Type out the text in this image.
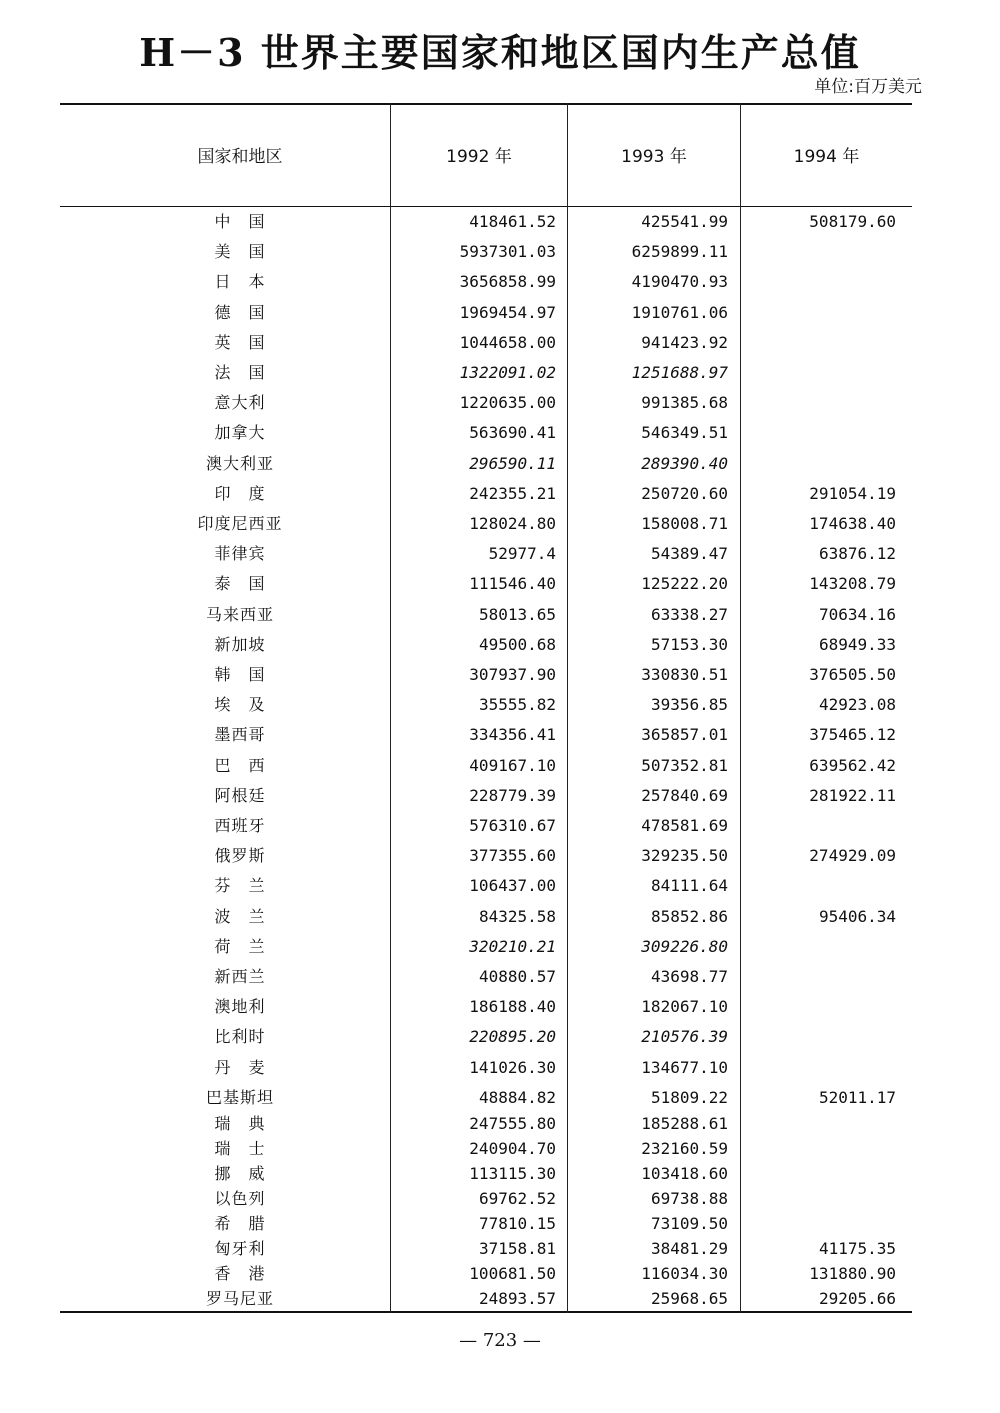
H－3 世界主要国家和地区国内生产总值
单位:百万美元
国家和地区	1992 年	1993 年	1994 年
中　国	418461.52	425541.99	508179.60
美　国	5937301.03	6259899.11
日　本	3656858.99	4190470.93
德　国	1969454.97	1910761.06
英　国	1044658.00	941423.92
法　国	1322091.02	1251688.97
意大利	1220635.00	991385.68
加拿大	563690.41	546349.51
澳大利亚	296590.11	289390.40
印　度	242355.21	250720.60	291054.19
印度尼西亚	128024.80	158008.71	174638.40
菲律宾	52977.4	54389.47	63876.12
泰　国	111546.40	125222.20	143208.79
马来西亚	58013.65	63338.27	70634.16
新加坡	49500.68	57153.30	68949.33
韩　国	307937.90	330830.51	376505.50
埃　及	35555.82	39356.85	42923.08
墨西哥	334356.41	365857.01	375465.12
巴　西	409167.10	507352.81	639562.42
阿根廷	228779.39	257840.69	281922.11
西班牙	576310.67	478581.69
俄罗斯	377355.60	329235.50	274929.09
芬　兰	106437.00	84111.64
波　兰	84325.58	85852.86	95406.34
荷　兰	320210.21	309226.80
新西兰	40880.57	43698.77
澳地利	186188.40	182067.10
比利时	220895.20	210576.39
丹　麦	141026.30	134677.10
巴基斯坦	48884.82	51809.22	52011.17
瑞　典	247555.80	185288.61
瑞　士	240904.70	232160.59
挪　威	113115.30	103418.60
以色列	69762.52	69738.88
希　腊	77810.15	73109.50
匈牙利	37158.81	38481.29	41175.35
香　港	100681.50	116034.30	131880.90
罗马尼亚	24893.57	25968.65	29205.66
— 723 —
